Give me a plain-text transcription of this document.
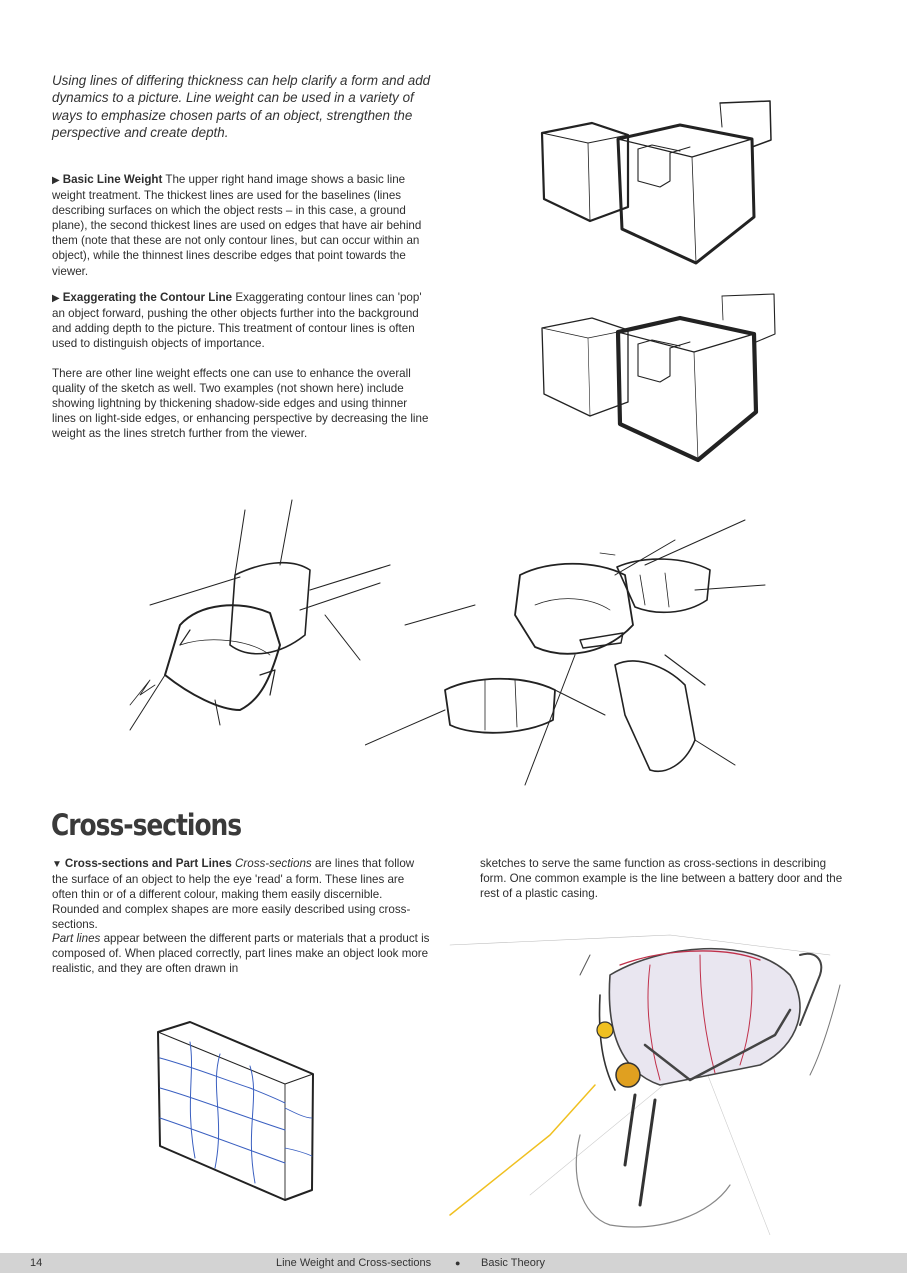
Using lines of differing thickness can help clarify a form and add dynamics to a picture. Line weight can be used in a variety of ways to emphasize chosen parts of an object, strengthen the perspective and create depth.
▶ Basic Line Weight The upper right hand image shows a basic line weight treatment. The thickest lines are used for the baselines (lines describing surfaces on which the object rests – in this case, a ground plane), the second thickest lines are used on edges that have air behind them (note that these are not only contour lines, but can occur within an object), while the thinnest lines describe edges that point towards the viewer.
▶ Exaggerating the Contour Line Exaggerating contour lines can 'pop' an object forward, pushing the other objects further into the background and adding depth to the picture. This treatment of contour lines is often used to distinguish objects of importance.
There are other line weight effects one can use to enhance the overall quality of the sketch as well. Two examples (not shown here) include showing lightning by thickening shadow-side edges and using thinner lines on light-side edges, or enhancing perspective by decreasing the line weight as the lines stretch further from the viewer.
Cross-sections
▼ Cross-sections and Part Lines Cross-sections are lines that follow the surface of an object to help the eye 'read' a form. These lines are often thin or of a different colour, making them easily discernible. Rounded and complex shapes are more easily described using cross-sections.
Part lines appear between the different parts or materials that a product is composed of. When placed correctly, part lines make an object look more realistic, and they are often drawn in
sketches to serve the same function as cross-sections in describing form. One common example is the line between a battery door and the rest of a plastic casing.
14	Line Weight and Cross-sections	● Basic Theory
